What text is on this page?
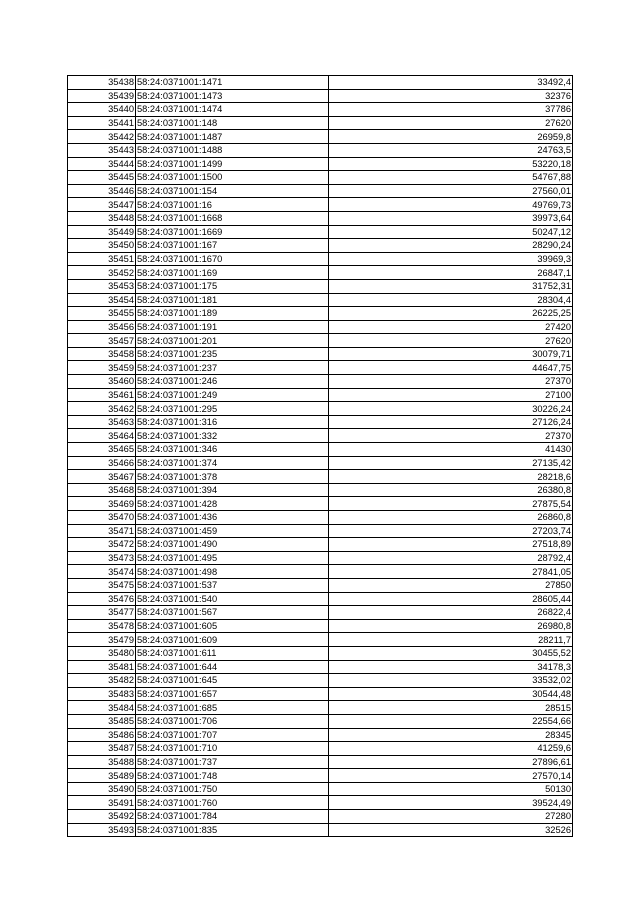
35438	58:24:0371001:1471	33492,4
35439	58:24:0371001:1473	32376
35440	58:24:0371001:1474	37786
35441	58:24:0371001:148	27620
35442	58:24:0371001:1487	26959,8
35443	58:24:0371001:1488	24763,5
35444	58:24:0371001:1499	53220,18
35445	58:24:0371001:1500	54767,88
35446	58:24:0371001:154	27560,01
35447	58:24:0371001:16	49769,73
35448	58:24:0371001:1668	39973,64
35449	58:24:0371001:1669	50247,12
35450	58:24:0371001:167	28290,24
35451	58:24:0371001:1670	39969,3
35452	58:24:0371001:169	26847,1
35453	58:24:0371001:175	31752,31
35454	58:24:0371001:181	28304,4
35455	58:24:0371001:189	26225,25
35456	58:24:0371001:191	27420
35457	58:24:0371001:201	27620
35458	58:24:0371001:235	30079,71
35459	58:24:0371001:237	44647,75
35460	58:24:0371001:246	27370
35461	58:24:0371001:249	27100
35462	58:24:0371001:295	30226,24
35463	58:24:0371001:316	27126,24
35464	58:24:0371001:332	27370
35465	58:24:0371001:346	41430
35466	58:24:0371001:374	27135,42
35467	58:24:0371001:378	28218,6
35468	58:24:0371001:394	26380,8
35469	58:24:0371001:428	27875,54
35470	58:24:0371001:436	26860,8
35471	58:24:0371001:459	27203,74
35472	58:24:0371001:490	27518,89
35473	58:24:0371001:495	28792,4
35474	58:24:0371001:498	27841,05
35475	58:24:0371001:537	27850
35476	58:24:0371001:540	28605,44
35477	58:24:0371001:567	26822,4
35478	58:24:0371001:605	26980,8
35479	58:24:0371001:609	28211,7
35480	58:24:0371001:611	30455,52
35481	58:24:0371001:644	34178,3
35482	58:24:0371001:645	33532,02
35483	58:24:0371001:657	30544,48
35484	58:24:0371001:685	28515
35485	58:24:0371001:706	22554,66
35486	58:24:0371001:707	28345
35487	58:24:0371001:710	41259,6
35488	58:24:0371001:737	27896,61
35489	58:24:0371001:748	27570,14
35490	58:24:0371001:750	50130
35491	58:24:0371001:760	39524,49
35492	58:24:0371001:784	27280
35493	58:24:0371001:835	32526
